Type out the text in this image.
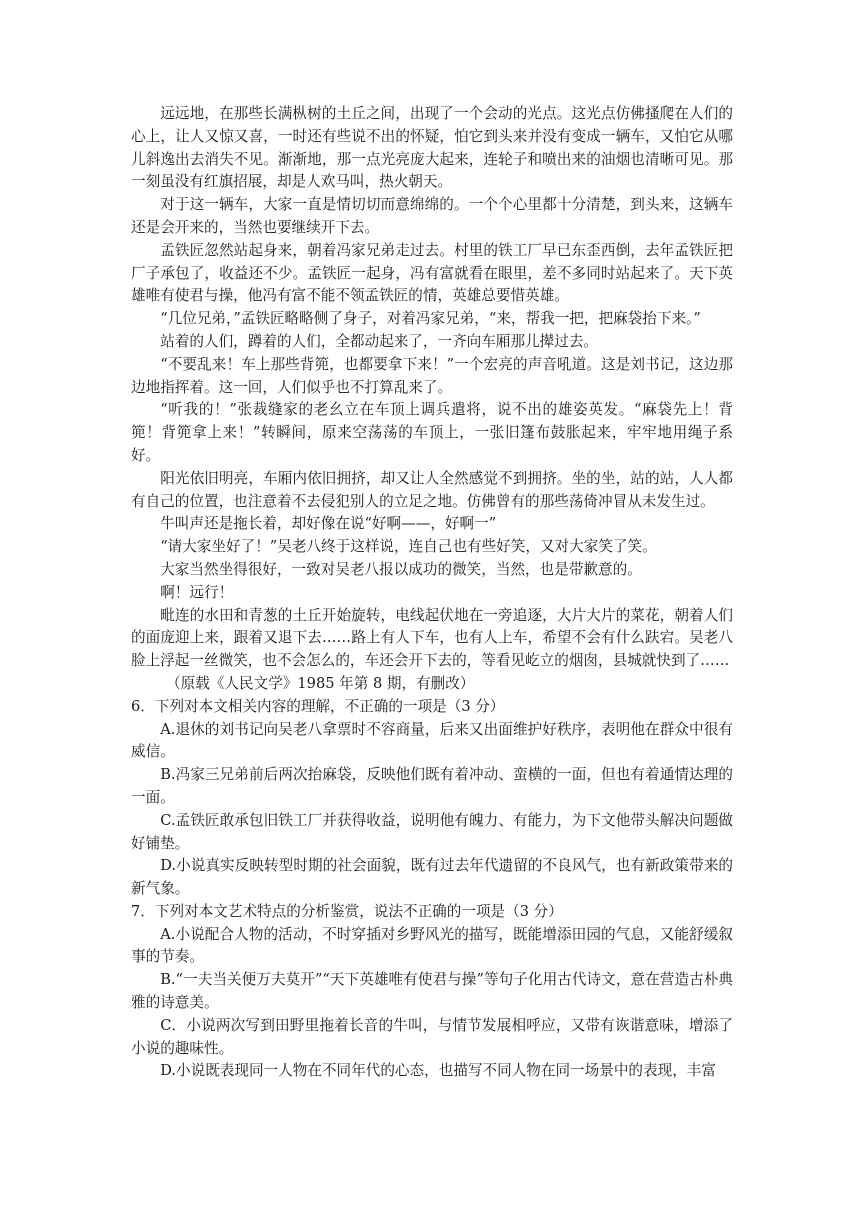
远远地，在那些长满枞树的土丘之间，出现了一个会动的光点。这光点仿佛搔爬在人们的心上，让人又惊又喜，一时还有些说不出的怀疑，怕它到头来并没有变成一辆车，又怕它从哪儿斜逸出去消失不见。渐渐地，那一点光亮庞大起来，连轮子和喷出来的油烟也清晰可见。那一刻虽没有红旗招展，却是人欢马叫，热火朝天。

对于这一辆车，大家一直是情切切而意绵绵的。一个个心里都十分清楚，到头来，这辆车还是会开来的，当然也要继续开下去。

孟铁匠忽然站起身来，朝着冯家兄弟走过去。村里的铁工厂早已东歪西倒，去年孟铁匠把厂子承包了，收益还不少。孟铁匠一起身，冯有富就看在眼里，差不多同时站起来了。天下英雄唯有使君与操，他冯有富不能不领孟铁匠的情，英雄总要惜英雄。

“几位兄弟，”孟铁匠略略侧了身子，对着冯家兄弟，“来，帮我一把，把麻袋抬下来。”

站着的人们，蹲着的人们，全都动起来了，一齐向车厢那儿撵过去。

“不要乱来！车上那些背篼，也都要拿下来！”一个宏亮的声音吼道。这是刘书记，这边那边地指挥着。这一回，人们似乎也不打算乱来了。

“听我的！”张裁缝家的老幺立在车顶上调兵遣将，说不出的雄姿英发。“麻袋先上！背篼！背篼拿上来！”转瞬间，原来空荡荡的车顶上，一张旧篷布鼓胀起来，牢牢地用绳子系好。

阳光依旧明亮，车厢内依旧拥挤，却又让人全然感觉不到拥挤。坐的坐，站的站，人人都有自己的位置，也注意着不去侵犯别人的立足之地。仿佛曾有的那些荡倚冲冒从未发生过。

牛叫声还是拖长着，却好像在说“好啊——，好啊一”

“请大家坐好了！”吴老八终于这样说，连自己也有些好笑，又对大家笑了笑。

大家当然坐得很好，一致对吴老八报以成功的微笑，当然，也是带歉意的。

啊！远行！

毗连的水田和青葱的土丘开始旋转，电线起伏地在一旁追逐，大片大片的菜花，朝着人们的面庞迎上来，跟着又退下去……路上有人下车，也有人上车，希望不会有什么趺宕。吴老八脸上浮起一丝微笑，也不会怎么的，车还会开下去的，等看见屹立的烟囱，县城就快到了……

（原载《人民文学》1985 年第 8 期，有删改）

6．下列对本文相关内容的理解，不正确的一项是（3 分）

A.退休的刘书记向吴老八拿票时不容商量，后来又出面维护好秩序，表明他在群众中很有威信。

B.冯家三兄弟前后两次抬麻袋，反映他们既有着冲动、蛮横的一面，但也有着通情达理的一面。

C.孟铁匠敢承包旧铁工厂并获得收益，说明他有魄力、有能力，为下文他带头解决问题做好铺垫。

D.小说真实反映转型时期的社会面貌，既有过去年代遗留的不良风气，也有新政策带来的新气象。

7．下列对本文艺术特点的分析鉴赏，说法不正确的一项是（3 分）

A.小说配合人物的活动，不时穿插对乡野风光的描写，既能增添田园的气息，又能舒缓叙事的节奏。

B.“一夫当关便万夫莫开”“天下英雄唯有使君与操”等句子化用古代诗文，意在营造古朴典雅的诗意美。

C．小说两次写到田野里拖着长音的牛叫，与情节发展相呼应，又带有诙谐意味，增添了小说的趣味性。

D.小说既表现同一人物在不同年代的心态，也描写不同人物在同一场景中的表现，丰富
